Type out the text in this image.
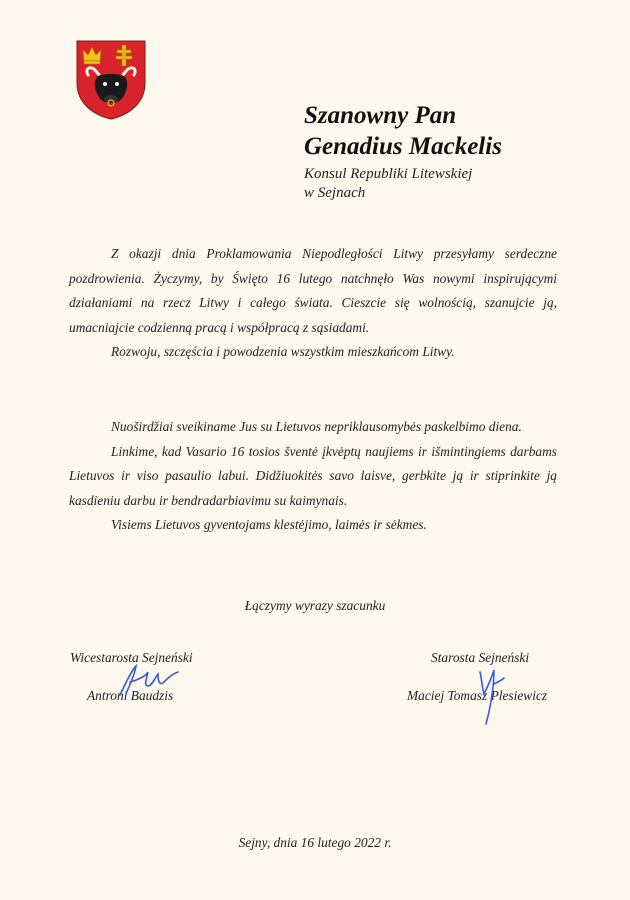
Szanowny Pan
Genadius Mackelis
Konsul Republiki Litewskiej
w Sejnach

Z okazji dnia Proklamowania Niepodległości Litwy przesyłamy serdeczne pozdrowienia. Życzymy, by Święto 16 lutego natchnęło Was nowymi inspirującymi działaniami na rzecz Litwy i całego świata. Cieszcie się wolnością, szanujcie ją, umacniajcie codzienną pracą i współpracą z sąsiadami.

Rozwoju, szczęścia i powodzenia wszystkim mieszkańcom Litwy.

Nuoširdžiai sveikiname Jus su Lietuvos nepriklausomybės paskelbimo diena.

Linkime, kad Vasario 16 tosios šventė įkvėptų naujiems ir išmintingiems darbams Lietuvos ir viso pasaulio labui. Didžiuokitės savo laisve, gerbkite ją ir stiprinkite ją kasdieniu darbu ir bendradarbiavimu su kaimynais.

Visiems Lietuvos gyventojams klestėjimo, laimės ir sėkmes.

Łączymy wyrazy szacunku
Wicestarosta Sejneński
Antroni Baudzis
Starosta Sejneński
Maciej Tomasz Plesiewicz
Sejny, dnia 16 lutego 2022 r.
